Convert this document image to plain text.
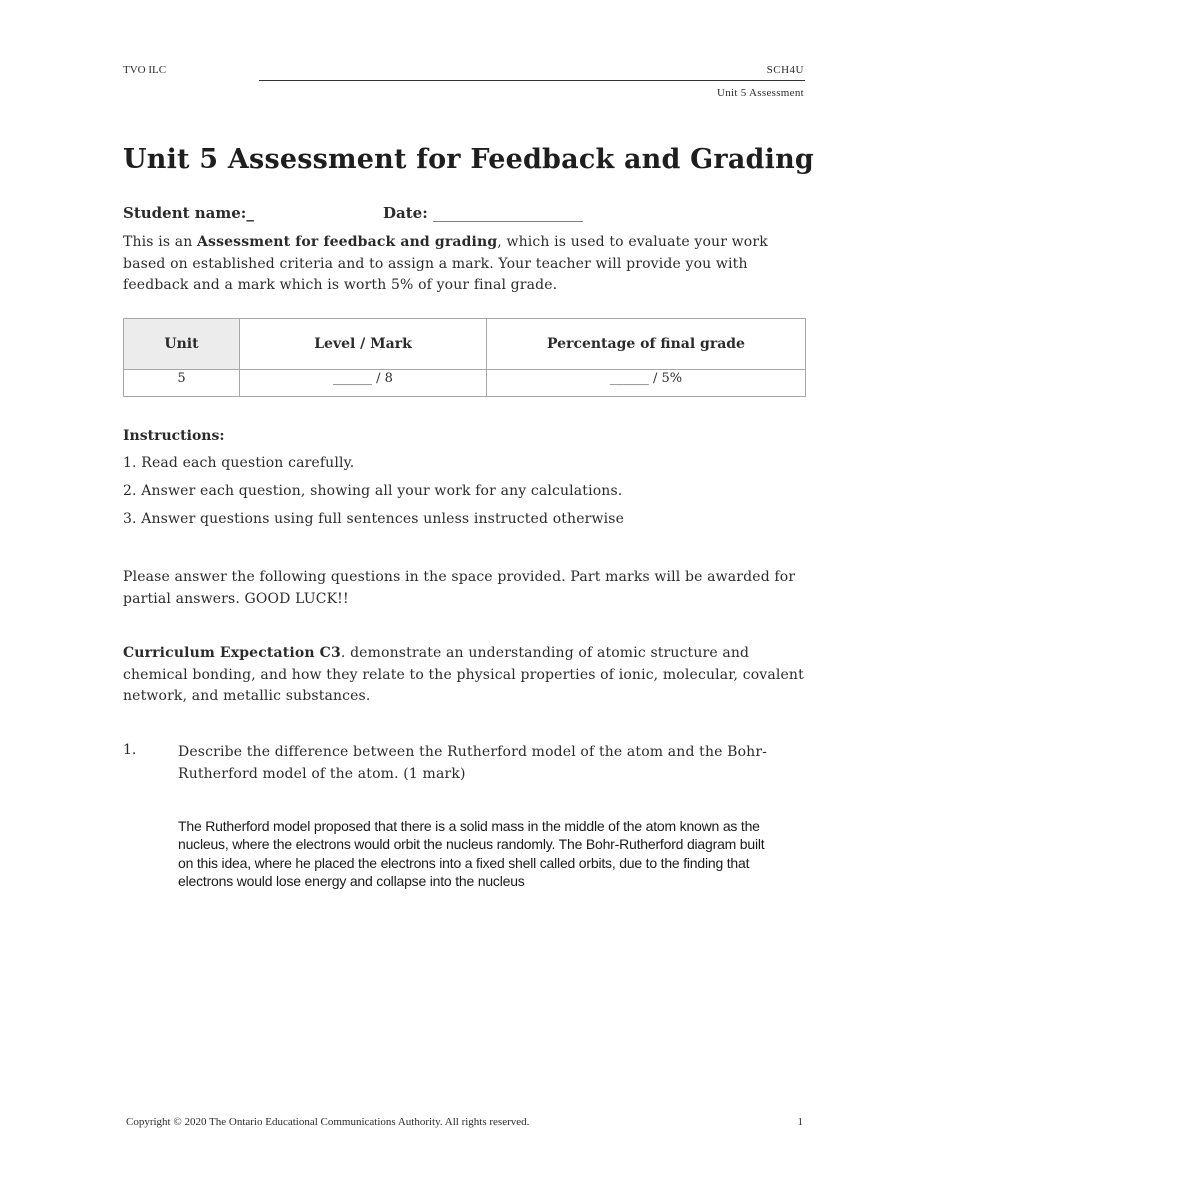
TVO ILC	SCH4U
Unit 5 Assessment
Unit 5 Assessment for Feedback and Grading
Student name:_	Date: ____________________
This is an Assessment for feedback and grading, which is used to evaluate your work based on established criteria and to assign a mark. Your teacher will provide you with feedback and a mark which is worth 5% of your final grade.
Unit	Level / Mark	Percentage of final grade
5	______ / 8	______ / 5%
Instructions:
1. Read each question carefully.
2. Answer each question, showing all your work for any calculations.
3. Answer questions using full sentences unless instructed otherwise
Please answer the following questions in the space provided. Part marks will be awarded for partial answers. GOOD LUCK!!
Curriculum Expectation C3. demonstrate an understanding of atomic structure and chemical bonding, and how they relate to the physical properties of ionic, molecular, covalent network, and metallic substances.
1.	Describe the difference between the Rutherford model of the atom and the Bohr-Rutherford model of the atom. (1 mark)
The Rutherford model proposed that there is a solid mass in the middle of the atom known as the nucleus, where the electrons would orbit the nucleus randomly. The Bohr-Rutherford diagram built on this idea, where he placed the electrons into a fixed shell called orbits, due to the finding that electrons would lose energy and collapse into the nucleus
Copyright © 2020 The Ontario Educational Communications Authority. All rights reserved.	1
